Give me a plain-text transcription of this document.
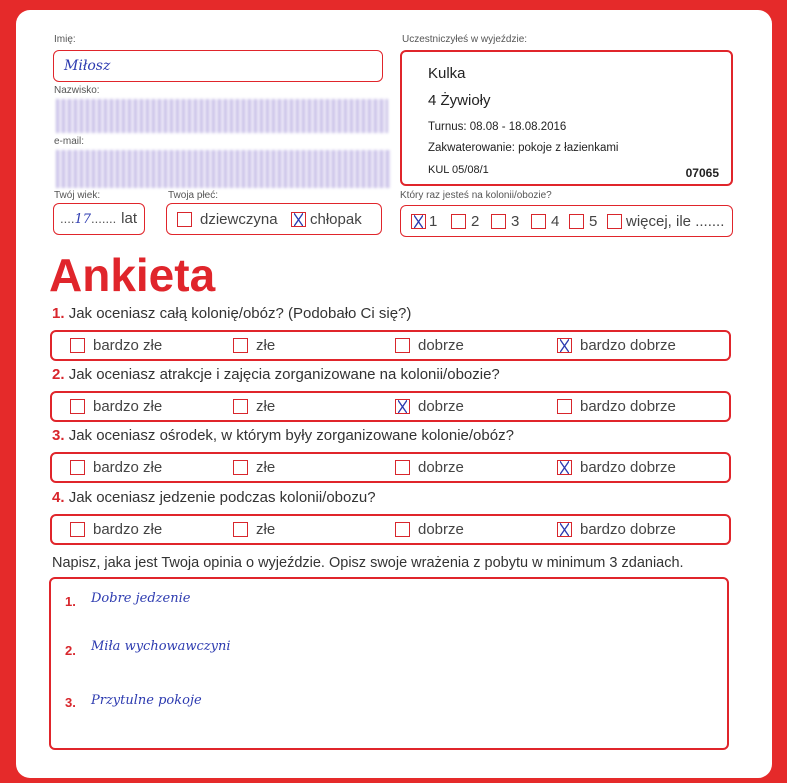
Imię:
Miłosz
Nazwisko:
e-mail:
Twój wiek:
....17....... lat
Twoja płeć:
dziewczyna chłopak
Uczestniczyłeś w wyjeździe:
Kulka
4 Żywioły
Turnus: 08.08 - 18.08.2016
Zakwaterowanie: pokoje z łazienkami
KUL 05/08/1	07065
Który raz jesteś na kolonii/obozie?
1 2 3 4 5 więcej, ile .......
Ankieta
1. Jak oceniasz całą kolonię/obóz? (Podobało Ci się?)
bardzo złe	złe	dobrze	bardzo dobrze
2. Jak oceniasz atrakcje i zajęcia zorganizowane na kolonii/obozie?
bardzo złe	złe	dobrze	bardzo dobrze
3. Jak oceniasz ośrodek, w którym były zorganizowane kolonie/obóz?
bardzo złe	złe	dobrze	bardzo dobrze
4. Jak oceniasz jedzenie podczas kolonii/obozu?
bardzo złe	złe	dobrze	bardzo dobrze
Napisz, jaka jest Twoja opinia o wyjeździe. Opisz swoje wrażenia z pobytu w minimum 3 zdaniach.
1. Dobre jedzenie
2. Miła wychowawczyni
3. Przytulne pokoje
